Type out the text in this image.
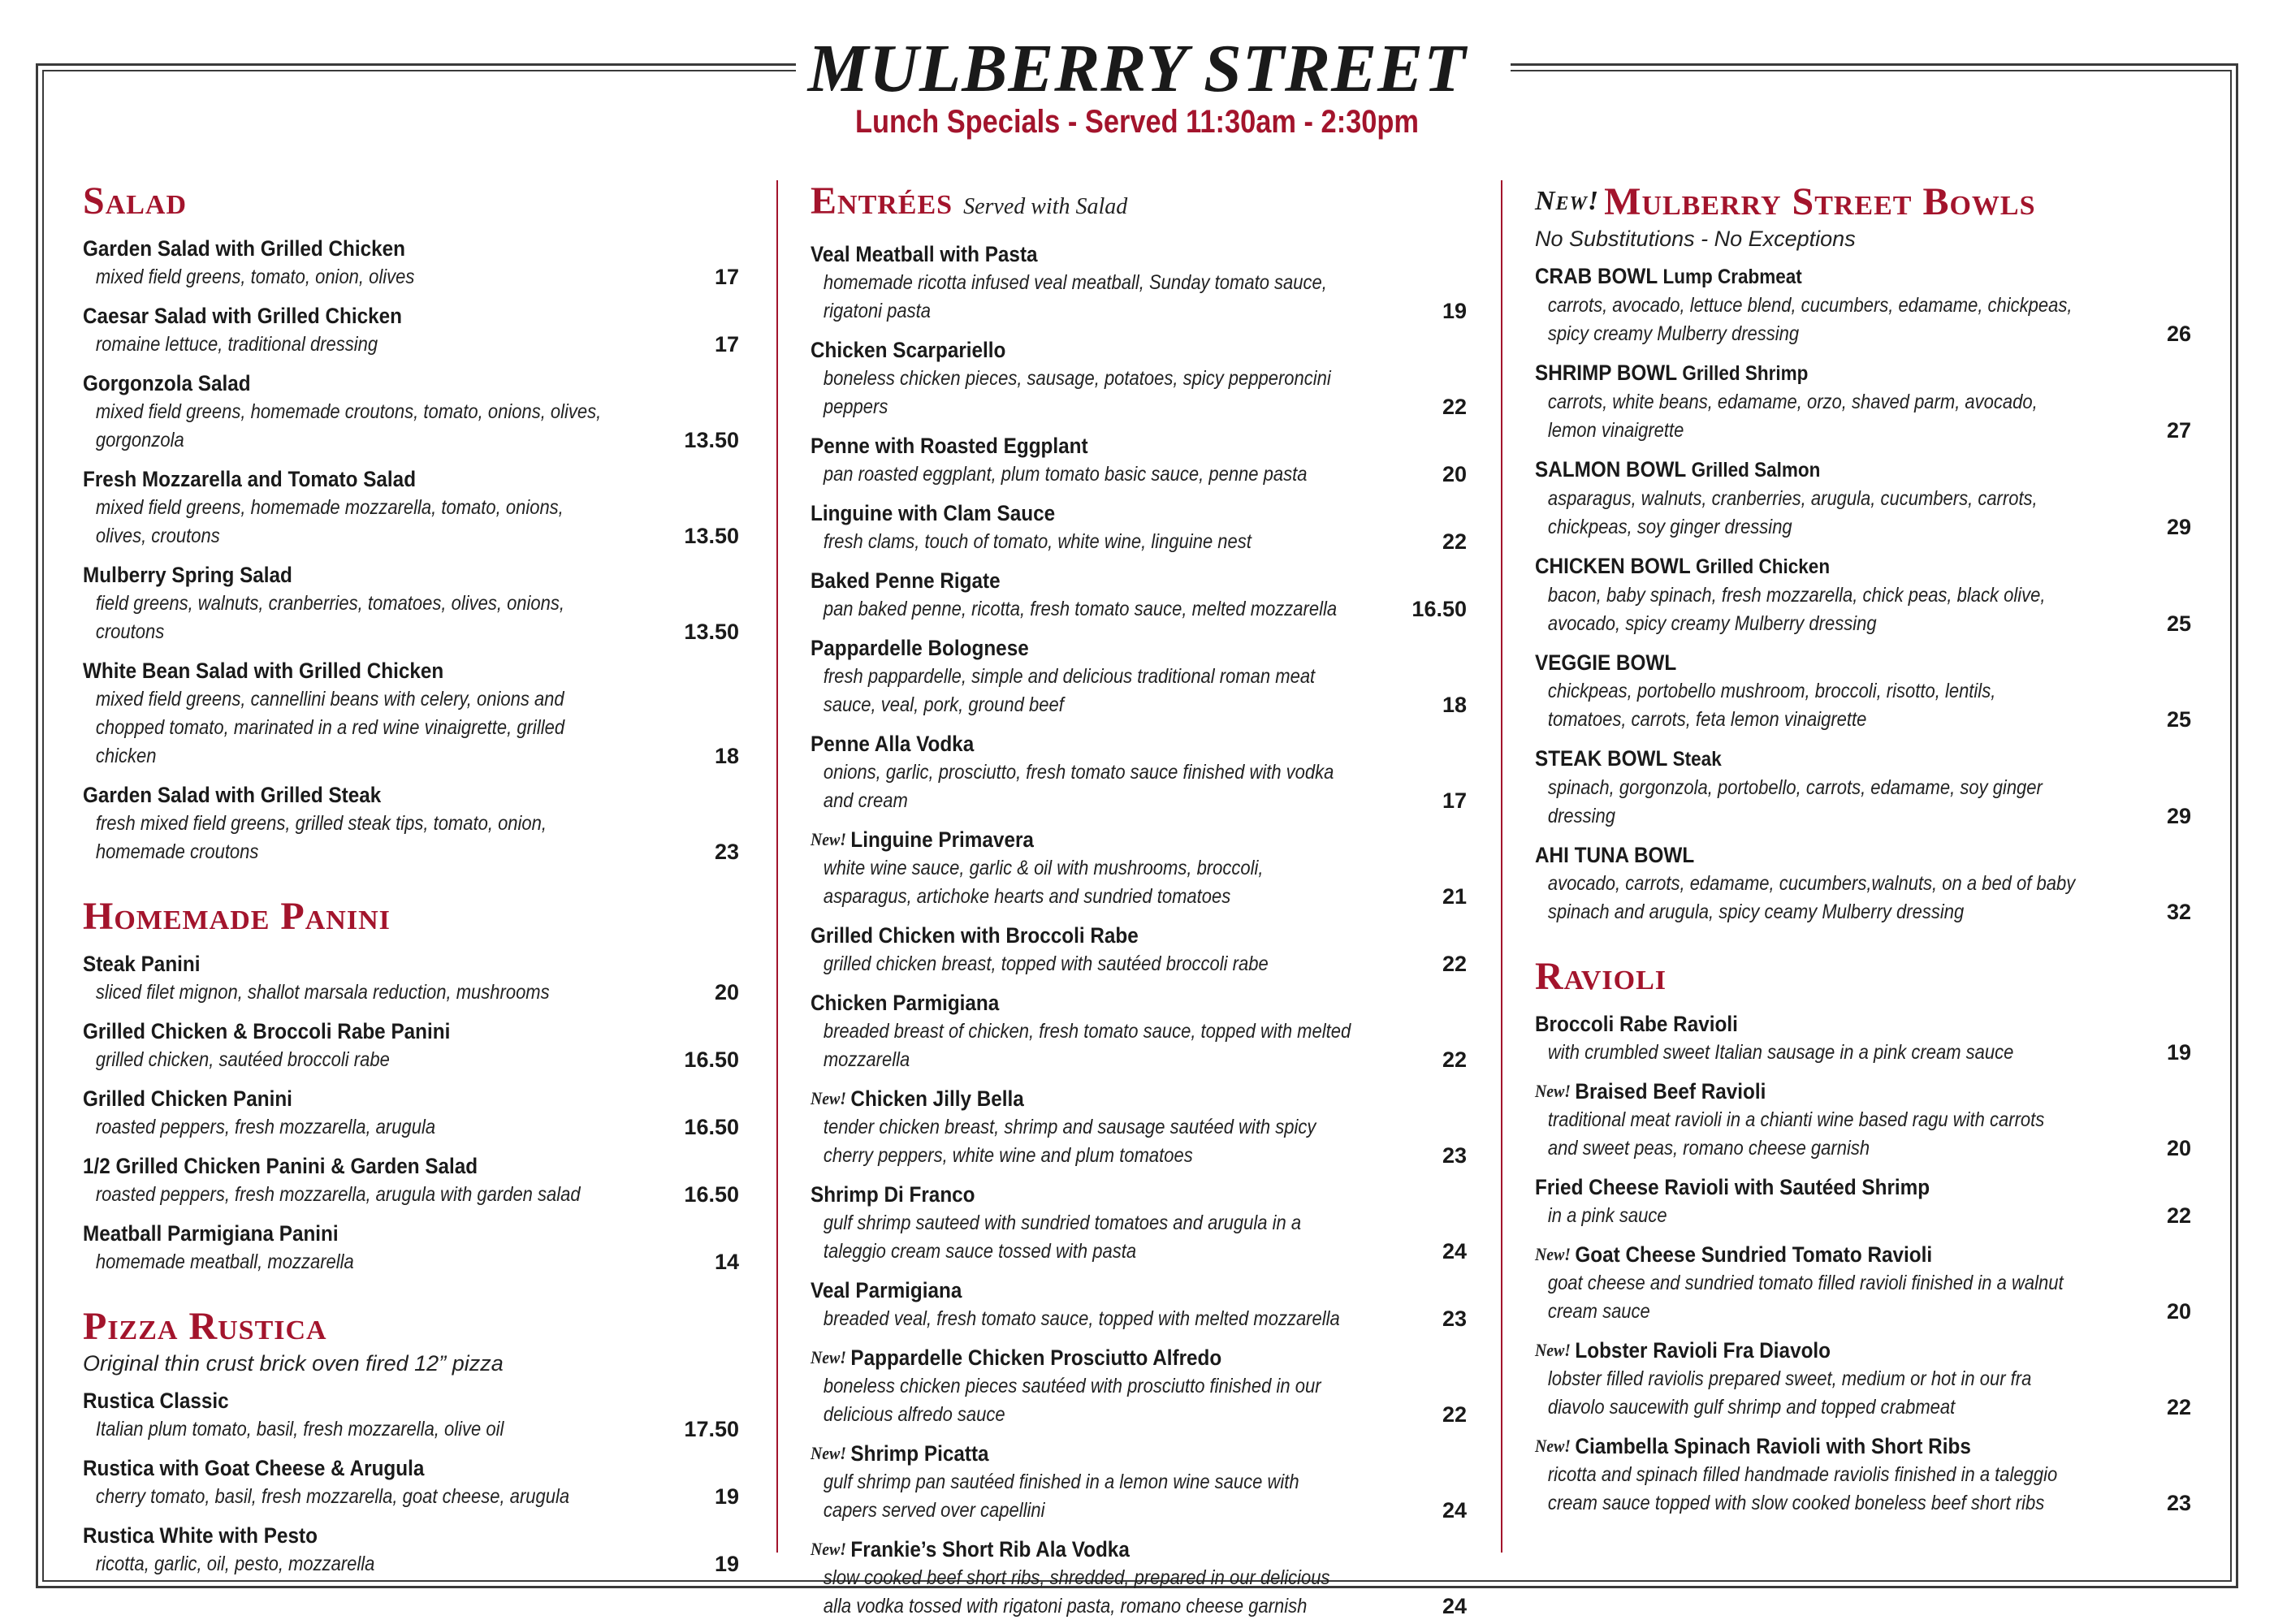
MULBERRY STREET
Lunch Specials - Served 11:30am - 2:30pm
Salad
Garden Salad with Grilled Chicken
mixed field greens, tomato, onion, olives	17
Caesar Salad with Grilled Chicken
romaine lettuce, traditional dressing	17
Gorgonzola Salad
mixed field greens, homemade croutons, tomato, onions, olives, gorgonzola	13.50
Fresh Mozzarella and Tomato Salad
mixed field greens, homemade mozzarella, tomato, onions, olives, croutons	13.50
Mulberry Spring Salad
field greens, walnuts, cranberries, tomatoes, olives, onions, croutons	13.50
White Bean Salad with Grilled Chicken
mixed field greens, cannellini beans with celery, onions and chopped tomato, marinated in a red wine vinaigrette, grilled chicken	18
Garden Salad with Grilled Steak
fresh mixed field greens, grilled steak tips, tomato, onion, homemade croutons	23
Homemade Panini
Steak Panini
sliced filet mignon, shallot marsala reduction, mushrooms	20
Grilled Chicken & Broccoli Rabe Panini
grilled chicken, sautéed broccoli rabe	16.50
Grilled Chicken Panini
roasted peppers, fresh mozzarella, arugula	16.50
1/2 Grilled Chicken Panini & Garden Salad
roasted peppers, fresh mozzarella, arugula with garden salad	16.50
Meatball Parmigiana Panini
homemade meatball, mozzarella	14
Pizza Rustica
Original thin crust brick oven fired 12” pizza
Rustica Classic
Italian plum tomato, basil, fresh mozzarella, olive oil	17.50
Rustica with Goat Cheese & Arugula
cherry tomato, basil, fresh mozzarella, goat cheese, arugula	19
Rustica White with Pesto
ricotta, garlic, oil, pesto, mozzarella	19
Entrées Served with Salad
Veal Meatball with Pasta
homemade ricotta infused veal meatball, Sunday tomato sauce, rigatoni pasta	19
Chicken Scarpariello
boneless chicken pieces, sausage, potatoes, spicy pepperoncini peppers	22
Penne with Roasted Eggplant
pan roasted eggplant, plum tomato basic sauce, penne pasta	20
Linguine with Clam Sauce
fresh clams, touch of tomato, white wine, linguine nest	22
Baked Penne Rigate
pan baked penne, ricotta, fresh tomato sauce, melted mozzarella	16.50
Pappardelle Bolognese
fresh pappardelle, simple and delicious traditional roman meat sauce, veal, pork, ground beef	18
Penne Alla Vodka
onions, garlic, prosciutto, fresh tomato sauce finished with vodka and cream	17
New! Linguine Primavera
white wine sauce, garlic & oil with mushrooms, broccoli, asparagus, artichoke hearts and sundried tomatoes	21
Grilled Chicken with Broccoli Rabe
grilled chicken breast, topped with sautéed broccoli rabe	22
Chicken Parmigiana
breaded breast of chicken, fresh tomato sauce, topped with melted mozzarella	22
New! Chicken Jilly Bella
tender chicken breast, shrimp and sausage sautéed with spicy cherry peppers, white wine and plum tomatoes	23
Shrimp Di Franco
gulf shrimp sauteed with sundried tomatoes and arugula in a taleggio cream sauce tossed with pasta	24
Veal Parmigiana
breaded veal, fresh tomato sauce, topped with melted mozzarella	23
New! Pappardelle Chicken Prosciutto Alfredo
boneless chicken pieces sautéed with prosciutto finished in our delicious alfredo sauce	22
New! Shrimp Picatta
gulf shrimp pan sautéed finished in a lemon wine sauce with capers served over capellini	24
New! Frankie’s Short Rib Ala Vodka
slow cooked beef short ribs, shredded, prepared in our delicious alla vodka tossed with rigatoni pasta, romano cheese garnish	24
New! Mulberry Street Bowls
No Substitutions - No Exceptions
CRAB BOWL Lump Crabmeat
carrots, avocado, lettuce blend, cucumbers, edamame, chickpeas, spicy creamy Mulberry dressing	26
SHRIMP BOWL Grilled Shrimp
carrots, white beans, edamame, orzo, shaved parm, avocado, lemon vinaigrette	27
SALMON BOWL Grilled Salmon
asparagus, walnuts, cranberries, arugula, cucumbers, carrots, chickpeas, soy ginger dressing	29
CHICKEN BOWL Grilled Chicken
bacon, baby spinach, fresh mozzarella, chick peas, black olive, avocado, spicy creamy Mulberry dressing	25
VEGGIE BOWL
chickpeas, portobello mushroom, broccoli, risotto, lentils, tomatoes, carrots, feta lemon vinaigrette	25
STEAK BOWL Steak
spinach, gorgonzola, portobello, carrots, edamame, soy ginger dressing	29
AHI TUNA BOWL
avocado, carrots, edamame, cucumbers,walnuts, on a bed of baby spinach and arugula, spicy ceamy Mulberry dressing	32
Ravioli
Broccoli Rabe Ravioli
with crumbled sweet Italian sausage in a pink cream sauce	19
New! Braised Beef Ravioli
traditional meat ravioli in a chianti wine based ragu with carrots and sweet peas, romano cheese garnish	20
Fried Cheese Ravioli with Sautéed Shrimp
in a pink sauce	22
New! Goat Cheese Sundried Tomato Ravioli
goat cheese and sundried tomato filled ravioli finished in a walnut cream sauce	20
New! Lobster Ravioli Fra Diavolo
lobster filled raviolis prepared sweet, medium or hot in our fra diavolo saucewith gulf shrimp and topped crabmeat	22
New! Ciambella Spinach Ravioli with Short Ribs
ricotta and spinach filled handmade raviolis finished in a taleggio cream sauce topped with slow cooked boneless beef short ribs	23
